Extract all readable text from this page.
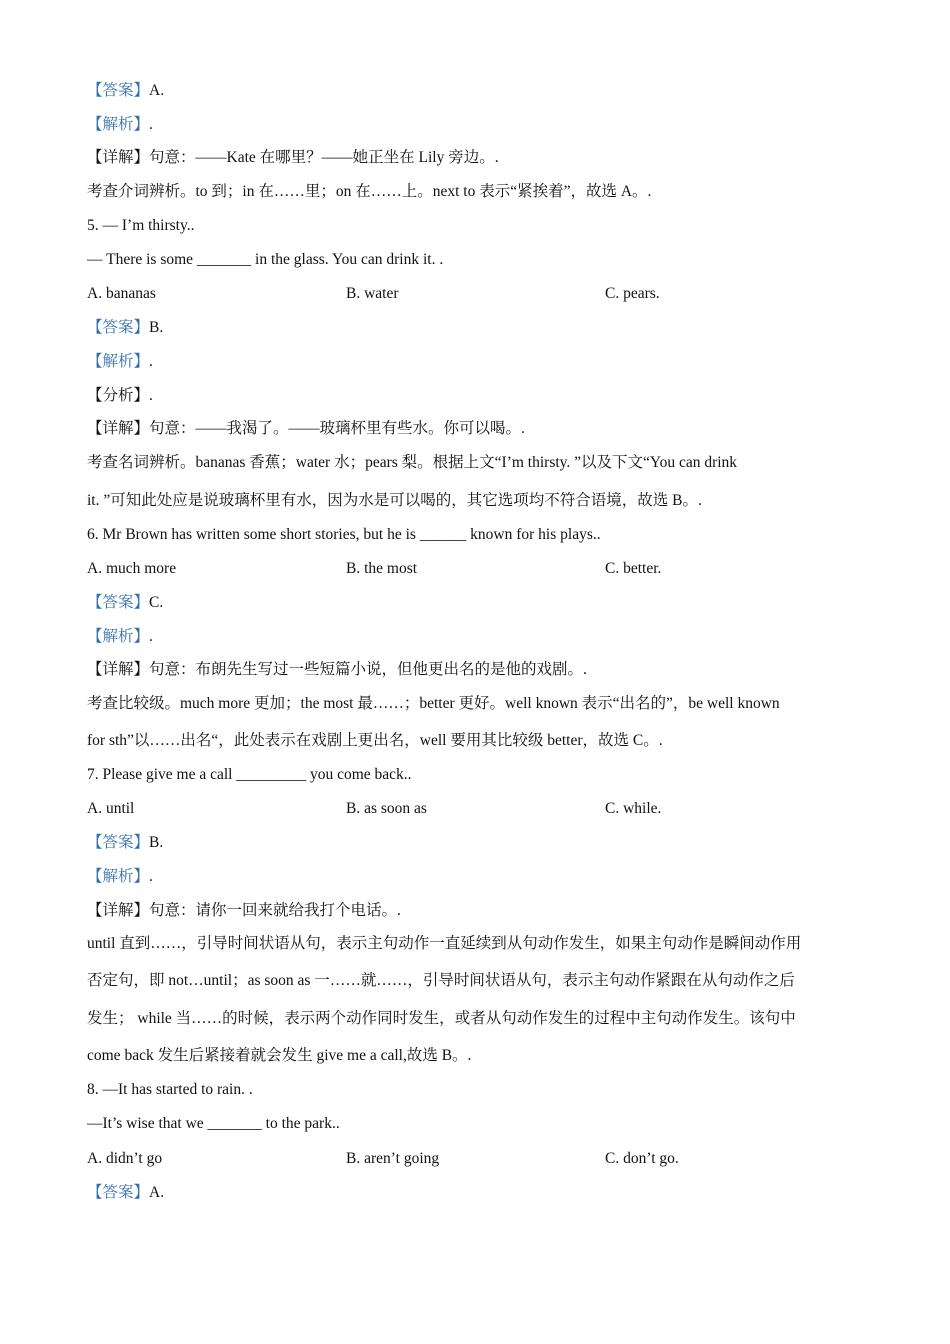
【答案】A.
【解析】.
【详解】句意：——Kate 在哪里？——她正坐在 Lily 旁边。.
考查介词辨析。to 到；in 在……里；on 在……上。next to 表示“紧挨着”，故选 A。.
5. — I’m thirsty..
— There is some _______ in the glass. You can drink it. .
A. bananas	B. water	C. pears.
【答案】B.
【解析】.
【分析】.
【详解】句意：——我渴了。——玻璃杯里有些水。你可以喝。.
考查名词辨析。bananas 香蕉；water 水；pears 梨。根据上文“I’m thirsty. ”以及下文“You can drink
it. ”可知此处应是说玻璃杯里有水，因为水是可以喝的，其它选项均不符合语境，故选 B。.
6. Mr Brown has written some short stories, but he is ______ known for his plays..
A. much more	B. the most	C. better.
【答案】C.
【解析】.
【详解】句意：布朗先生写过一些短篇小说，但他更出名的是他的戏剧。.
考查比较级。much more 更加；the most 最……；better 更好。well known 表示“出名的”，be well known
for sth”以……出名“，此处表示在戏剧上更出名，well 要用其比较级 better，故选 C。.
7. Please give me a call _________ you come back..
A. until	B. as soon as	C. while.
【答案】B.
【解析】.
【详解】句意：请你一回来就给我打个电话。.
until 直到……，引导时间状语从句，表示主句动作一直延续到从句动作发生，如果主句动作是瞬间动作用
否定句，即 not…until；as soon as 一……就……，引导时间状语从句，表示主句动作紧跟在从句动作之后
发生； while 当……的时候，表示两个动作同时发生，或者从句动作发生的过程中主句动作发生。该句中
come back 发生后紧接着就会发生 give me a call,故选 B。.
8. —It has started to rain. .
—It’s wise that we _______ to the park..
A. didn’t go	B. aren’t going	C. don’t go.
【答案】A.
